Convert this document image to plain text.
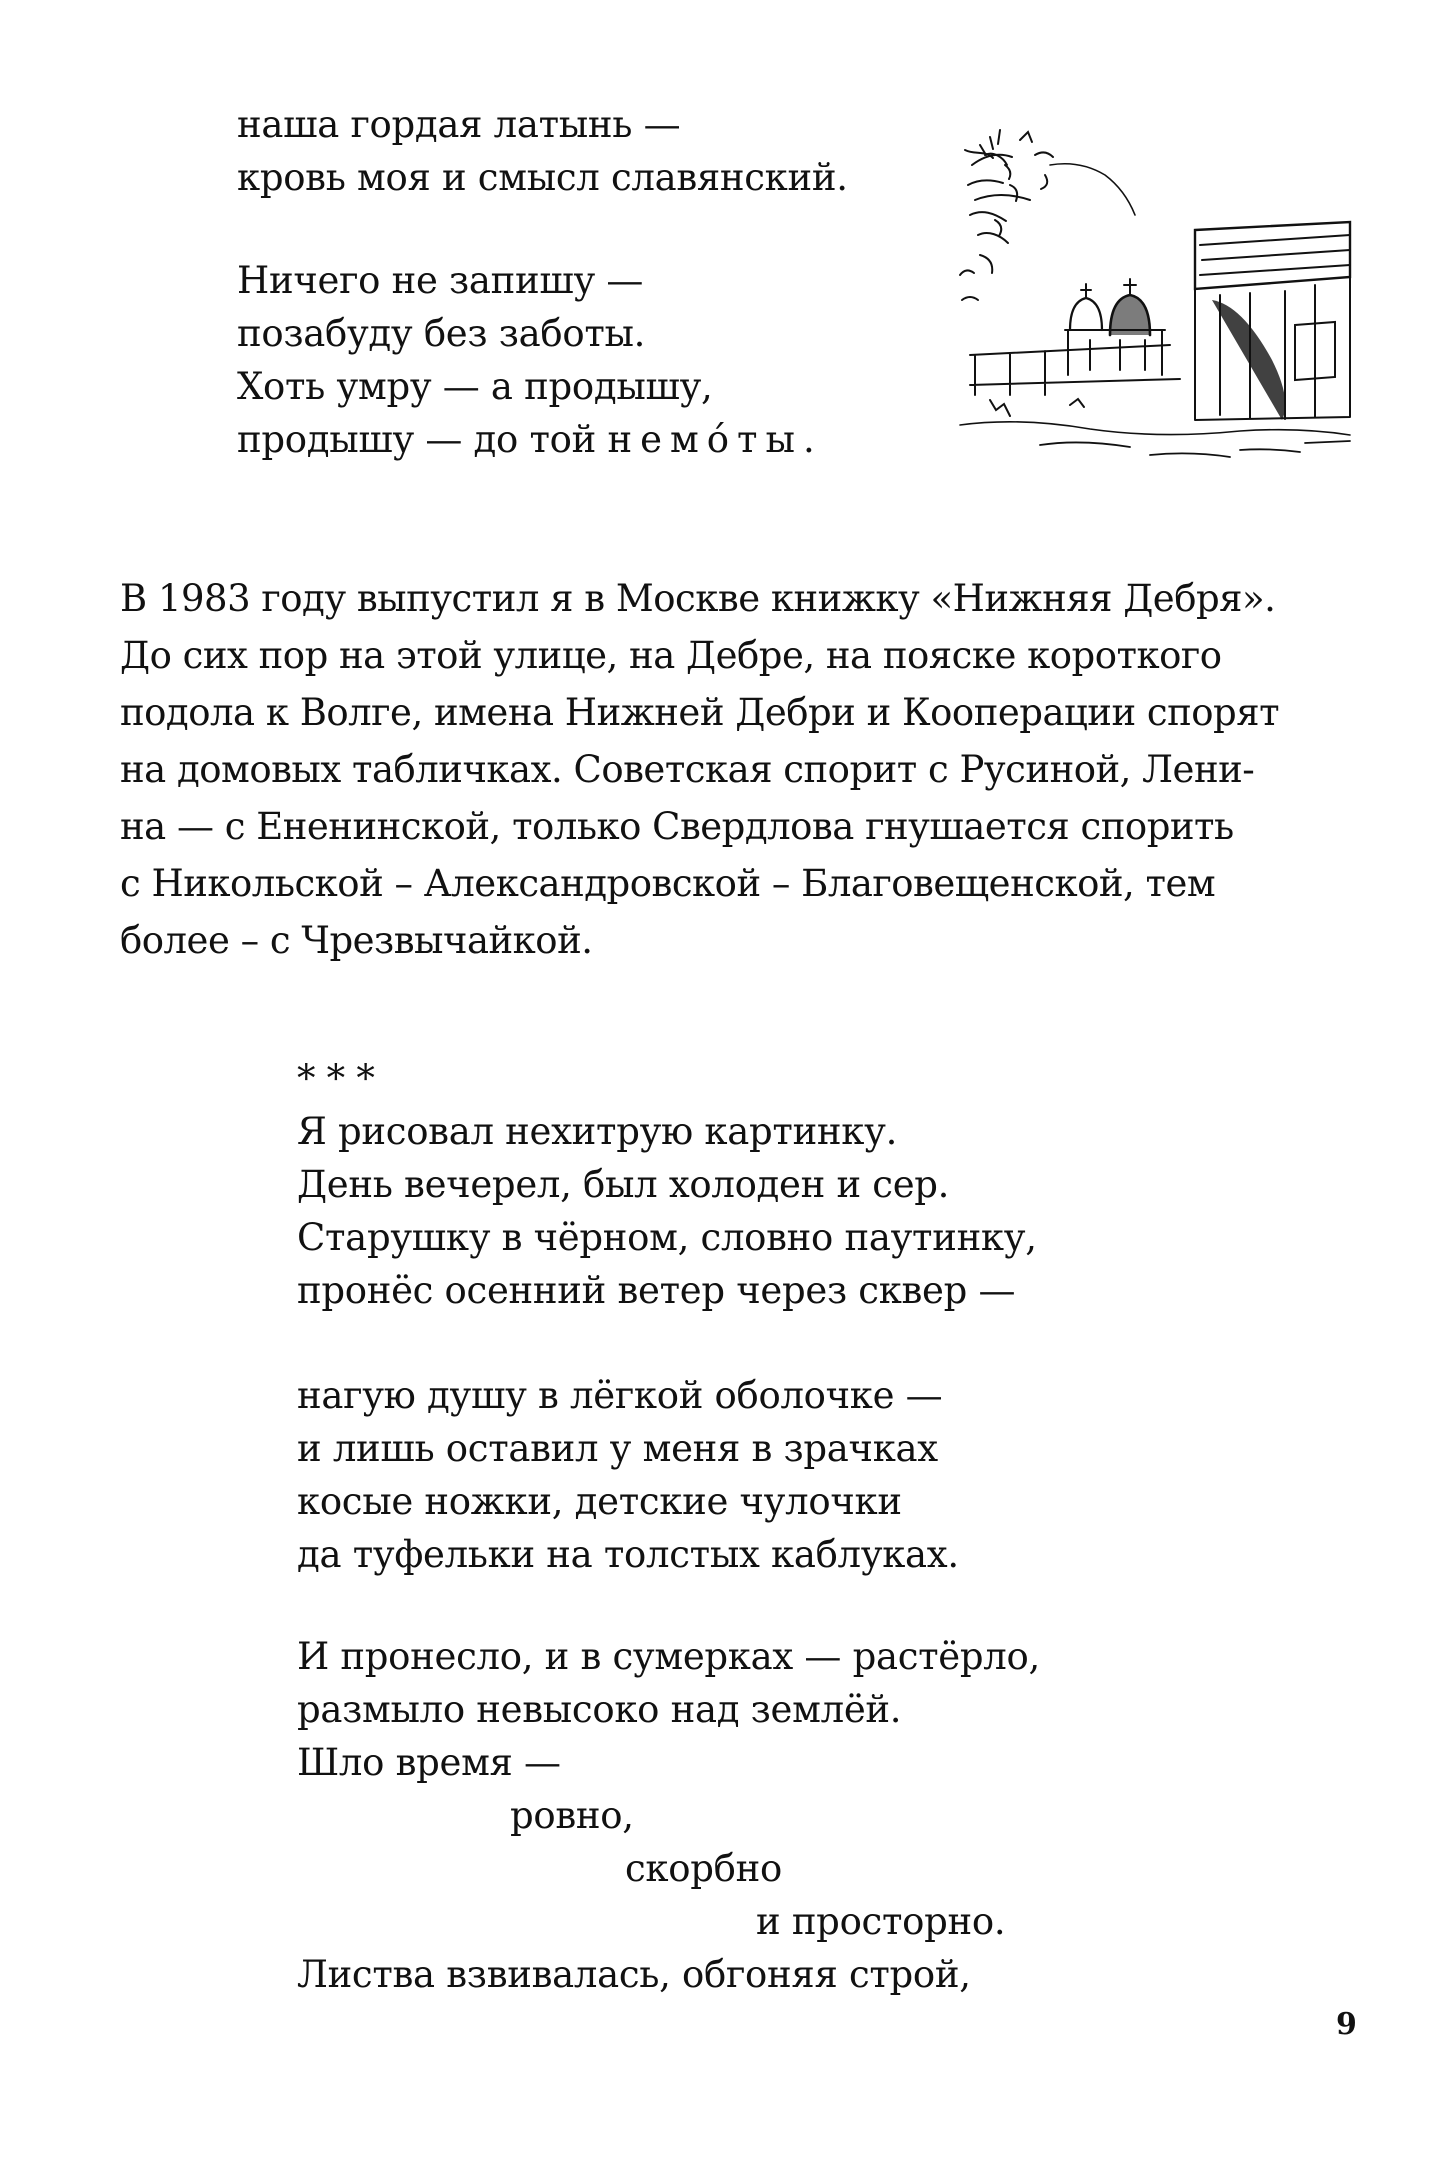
наша гордая латынь —
кровь моя и смысл славянский.
Ничего не запишу —
позабуду без заботы.
Хоть умру — а продышу,
продышу — до той немóты.
В 1983 году выпустил я в Москве книжку «Нижняя Дебря».
До сих пор на этой улице, на Дебре, на пояске короткого
подола к Волге, имена Нижней Дебри и Кооперации спорят
на домовых табличках. Советская спорит с Русиной, Лени-
на — с Ененинской, только Свердлова гнушается спорить
с Никольской – Александровской – Благовещенской, тем
более – с Чрезвычайкой.
* * *
Я рисовал нехитрую картинку.
День вечерел, был холоден и сер.
Старушку в чёрном, словно паутинку,
пронёс осенний ветер через сквер —
нагую душу в лёгкой оболочке —
и лишь оставил у меня в зрачках
косые ножки, детские чулочки
да туфельки на толстых каблуках.
И пронесло, и в сумерках — растёрло,
размыло невысоко над землёй.
Шло время —
ровно,
скорбно
и просторно.
Листва взвивалась, обгоняя строй,
9
